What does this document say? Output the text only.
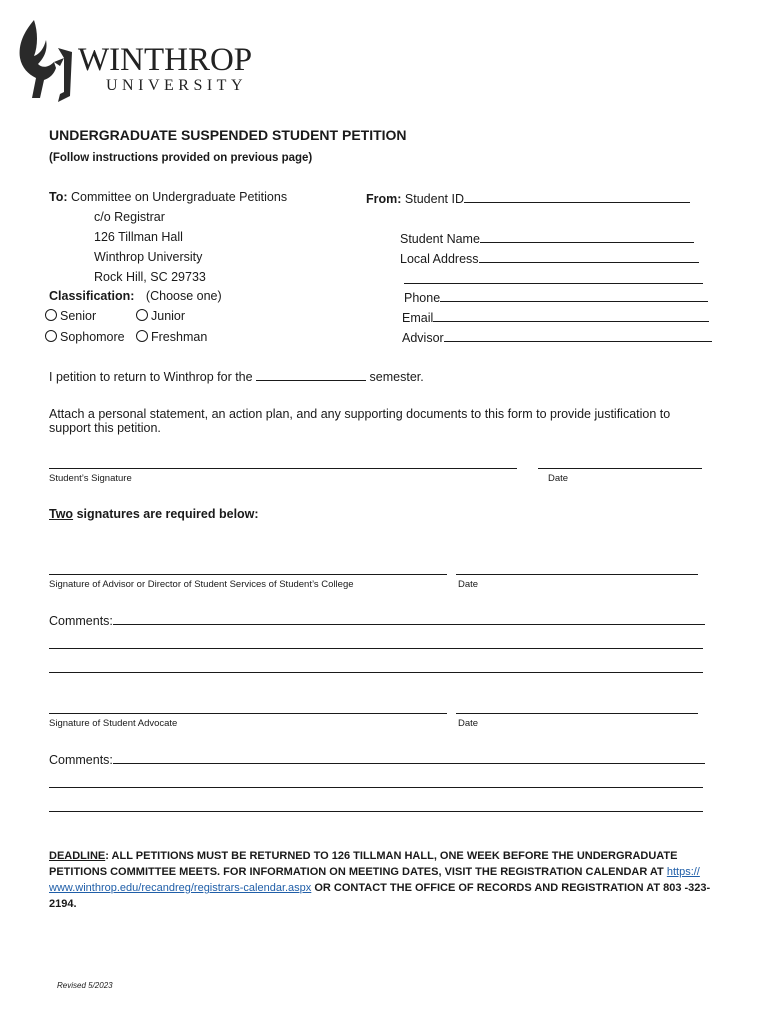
WINTHROP
UNIVERSITY
UNDERGRADUATE SUSPENDED STUDENT PETITION
(Follow instructions provided on previous page)
To: Committee on Undergraduate Petitions
c/o Registrar
126 Tillman Hall
Winthrop University
Rock Hill, SC 29733
Classification: (Choose one)
Senior	Junior
Sophomore	Freshman
From: Student ID
Student Name
Local Address
Phone
Email
Advisor
I petition to return to Winthrop for the	semester.
Attach a personal statement, an action plan, and any supporting documents to this form to provide justification to support this petition.
Student’s Signature	Date
Two signatures are required below:
Signature of Advisor or Director of Student Services of Student’s College	Date
Comments:
Signature of Student Advocate	Date
Comments:
DEADLINE: ALL PETITIONS MUST BE RETURNED TO 126 TILLMAN HALL, ONE WEEK BEFORE THE UNDERGRADUATE PETITIONS COMMITTEE MEETS. FOR INFORMATION ON MEETING DATES, VISIT THE REGISTRATION CALENDAR AT https:// www.winthrop.edu/recandreg/registrars-calendar.aspx OR CONTACT THE OFFICE OF RECORDS AND REGISTRATION AT 803 -323-2194.
Revised 5/2023
